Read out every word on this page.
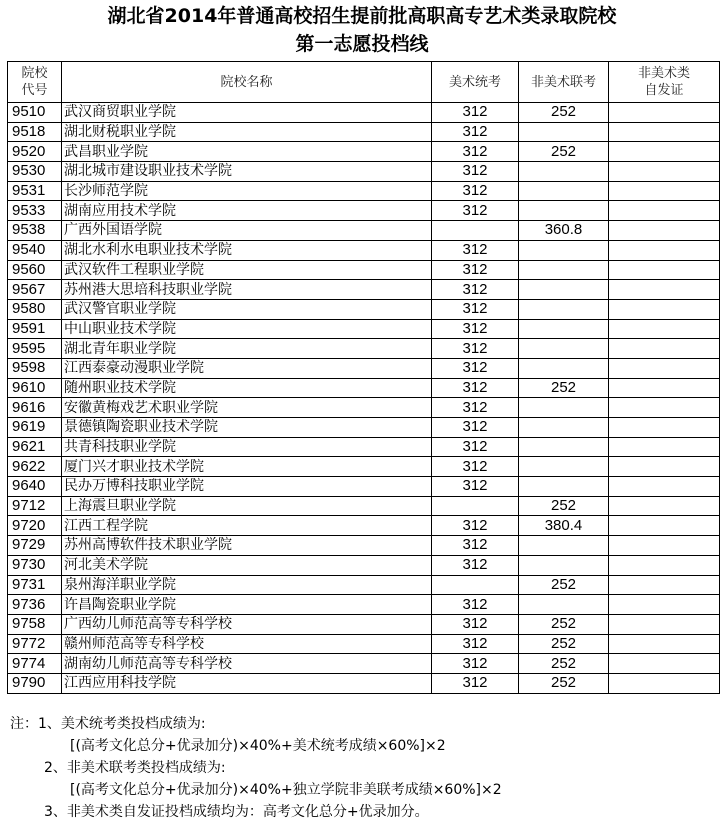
湖北省2014年普通高校招生提前批高职高专艺术类录取院校
第一志愿投档线
院校
代号	院校名称	美术统考	非美术联考	非美术类
自发证
9510	武汉商贸职业学院	312	252	
9518	湖北财税职业学院	312		
9520	武昌职业学院	312	252	
9530	湖北城市建设职业技术学院	312		
9531	长沙师范学院	312		
9533	湖南应用技术学院	312		
9538	广西外国语学院		360.8	
9540	湖北水利水电职业技术学院	312		
9560	武汉软件工程职业学院	312		
9567	苏州港大思培科技职业学院	312		
9580	武汉警官职业学院	312		
9591	中山职业技术学院	312		
9595	湖北青年职业学院	312		
9598	江西泰豪动漫职业学院	312		
9610	随州职业技术学院	312	252	
9616	安徽黄梅戏艺术职业学院	312		
9619	景德镇陶瓷职业技术学院	312		
9621	共青科技职业学院	312		
9622	厦门兴才职业技术学院	312		
9640	民办万博科技职业学院	312		
9712	上海震旦职业学院		252	
9720	江西工程学院	312	380.4	
9729	苏州高博软件技术职业学院	312		
9730	河北美术学院	312		
9731	泉州海洋职业学院		252	
9736	许昌陶瓷职业学院	312		
9758	广西幼儿师范高等专科学校	312	252	
9772	赣州师范高等专科学校	312	252	
9774	湖南幼儿师范高等专科学校	312	252	
9790	江西应用科技学院	312	252	
注：1、美术统考类投档成绩为:
[(高考文化总分+优录加分)×40%+美术统考成绩×60%]×2
2、非美术联考类投档成绩为:
[(高考文化总分+优录加分)×40%+独立学院非美联考成绩×60%]×2
3、非美术类自发证投档成绩均为：高考文化总分+优录加分。
